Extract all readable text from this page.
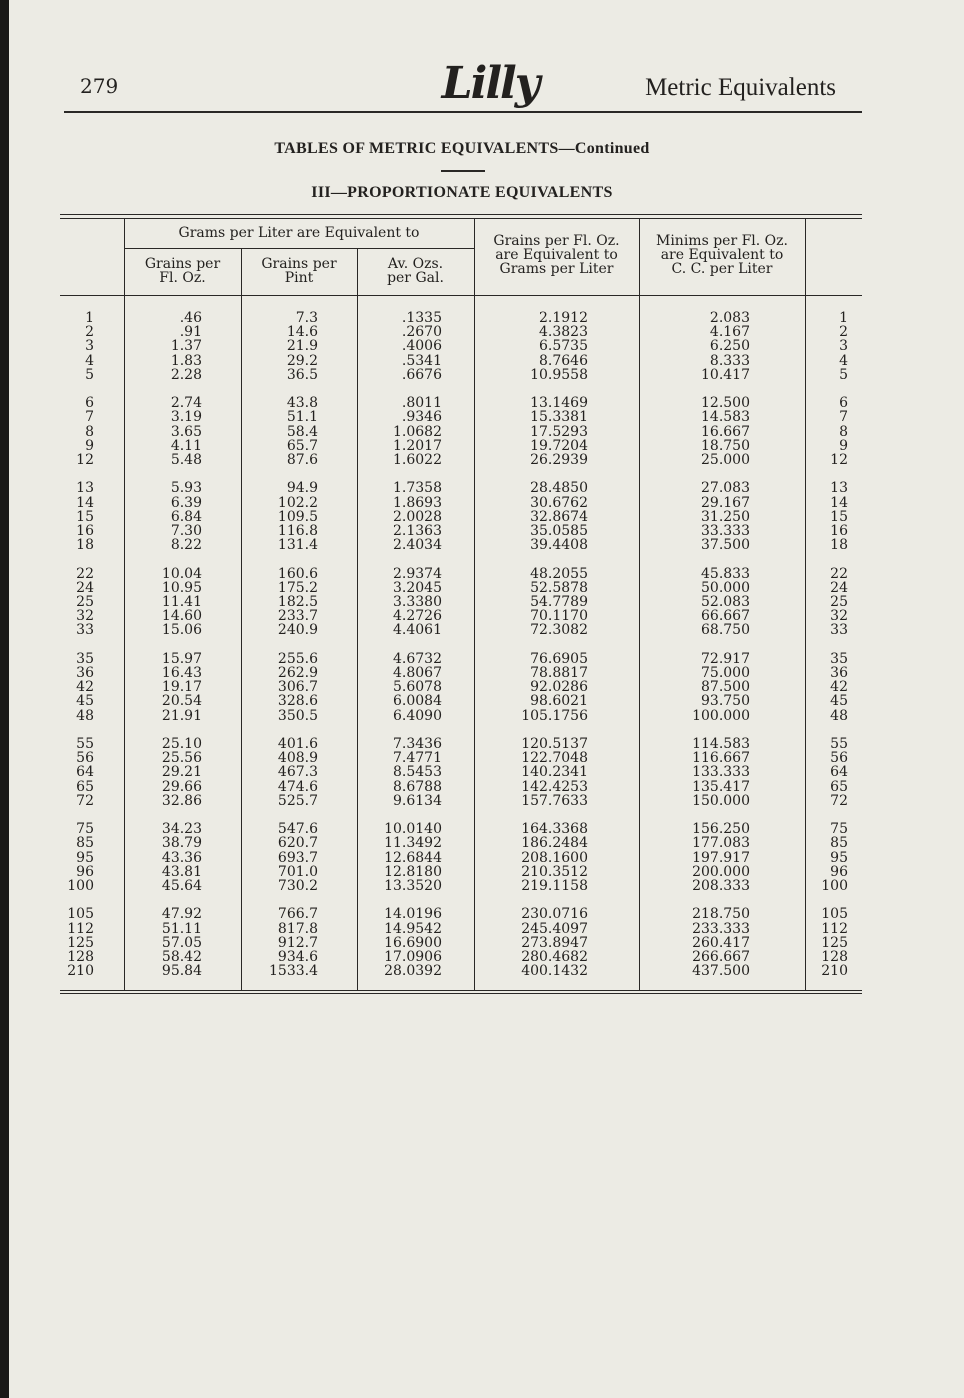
279	Lilly	Metric Equivalents
TABLES OF METRIC EQUIVALENTS—Continued
III—PROPORTIONATE EQUIVALENTS
Grams per Liter are Equivalent to
Grains per
Fl. Oz.
Grains per
Pint
Av. Ozs.
per Gal.
Grains per Fl. Oz.
are Equivalent to
Grams per Liter
Minims per Fl. Oz.
are Equivalent to
C. C. per Liter
1
2
3
4
5
.46
.91
1.37
1.83
2.28
7.3
14.6
21.9
29.2
36.5
.1335
.2670
.4006
.5341
.6676
2.1912
4.3823
6.5735
8.7646
10.9558
2.083
4.167
6.250
8.333
10.417
1
2
3
4
5
6
7
8
9
12
2.74
3.19
3.65
4.11
5.48
43.8
51.1
58.4
65.7
87.6
.8011
.9346
1.0682
1.2017
1.6022
13.1469
15.3381
17.5293
19.7204
26.2939
12.500
14.583
16.667
18.750
25.000
6
7
8
9
12
13
14
15
16
18
5.93
6.39
6.84
7.30
8.22
94.9
102.2
109.5
116.8
131.4
1.7358
1.8693
2.0028
2.1363
2.4034
28.4850
30.6762
32.8674
35.0585
39.4408
27.083
29.167
31.250
33.333
37.500
13
14
15
16
18
22
24
25
32
33
10.04
10.95
11.41
14.60
15.06
160.6
175.2
182.5
233.7
240.9
2.9374
3.2045
3.3380
4.2726
4.4061
48.2055
52.5878
54.7789
70.1170
72.3082
45.833
50.000
52.083
66.667
68.750
22
24
25
32
33
35
36
42
45
48
15.97
16.43
19.17
20.54
21.91
255.6
262.9
306.7
328.6
350.5
4.6732
4.8067
5.6078
6.0084
6.4090
76.6905
78.8817
92.0286
98.6021
105.1756
72.917
75.000
87.500
93.750
100.000
35
36
42
45
48
55
56
64
65
72
25.10
25.56
29.21
29.66
32.86
401.6
408.9
467.3
474.6
525.7
7.3436
7.4771
8.5453
8.6788
9.6134
120.5137
122.7048
140.2341
142.4253
157.7633
114.583
116.667
133.333
135.417
150.000
55
56
64
65
72
75
85
95
96
100
34.23
38.79
43.36
43.81
45.64
547.6
620.7
693.7
701.0
730.2
10.0140
11.3492
12.6844
12.8180
13.3520
164.3368
186.2484
208.1600
210.3512
219.1158
156.250
177.083
197.917
200.000
208.333
75
85
95
96
100
105
112
125
128
210
47.92
51.11
57.05
58.42
95.84
766.7
817.8
912.7
934.6
1533.4
14.0196
14.9542
16.6900
17.0906
28.0392
230.0716
245.4097
273.8947
280.4682
400.1432
218.750
233.333
260.417
266.667
437.500
105
112
125
128
210
